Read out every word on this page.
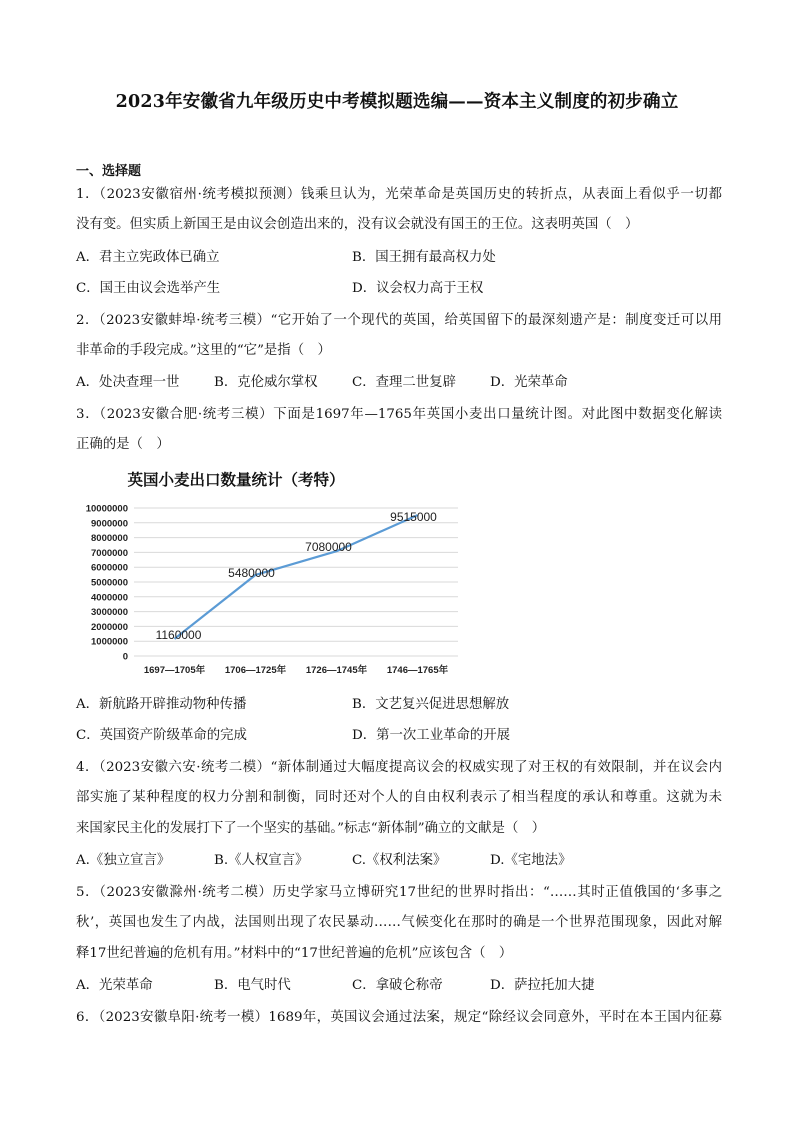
2023年安徽省九年级历史中考模拟题选编——资本主义制度的初步确立
一、选择题
1．（2023安徽宿州·统考模拟预测）钱乘旦认为，光荣革命是英国历史的转折点，从表面上看似乎一切都
没有变。但实质上新国王是由议会创造出来的，没有议会就没有国王的王位。这表明英国（　）
A．君主立宪政体已确立	B．国王拥有最高权力处
C．国王由议会选举产生	D．议会权力高于王权
2．（2023安徽蚌埠·统考三模）“它开始了一个现代的英国，给英国留下的最深刻遗产是：制度变迁可以用
非革命的手段完成。”这里的“它”是指（　）
A．处决查理一世	B．克伦威尔掌权	C．查理二世复辟	D．光荣革命
3．（2023安徽合肥·统考三模）下面是1697年—1765年英国小麦出口量统计图。对此图中数据变化解读
正确的是（　）
英国小麦出口数量统计（考特）
0
1000000
2000000
3000000
4000000
5000000
6000000
7000000
8000000
9000000
10000000
1697—1705年 1706—1725年 1726—1745年 1746—1765年
1160000
5480000
7080000
9515000
A．新航路开辟推动物种传播	B．文艺复兴促进思想解放
C．英国资产阶级革命的完成	D．第一次工业革命的开展
4．（2023安徽六安·统考二模）“新体制通过大幅度提高议会的权威实现了对王权的有效限制，并在议会内
部实施了某种程度的权力分割和制衡，同时还对个人的自由权利表示了相当程度的承认和尊重。这就为未
来国家民主化的发展打下了一个坚实的基础。”标志“新体制”确立的文献是（　）
A.《独立宣言》	B.《人权宣言》	C.《权利法案》	D.《宅地法》
5．（2023安徽滁州·统考二模）历史学家马立博研究17世纪的世界时指出：“……其时正值俄国的‘多事之
秋’，英国也发生了内战，法国则出现了农民暴动……气候变化在那时的确是一个世界范围现象，因此对解
释17世纪普遍的危机有用。”材料中的“17世纪普遍的危机”应该包含（　）
A．光荣革命	B．电气时代	C．拿破仑称帝	D．萨拉托加大捷
6．（2023安徽阜阳·统考一模）1689年，英国议会通过法案，规定“除经议会同意外，平时在本王国内征募
